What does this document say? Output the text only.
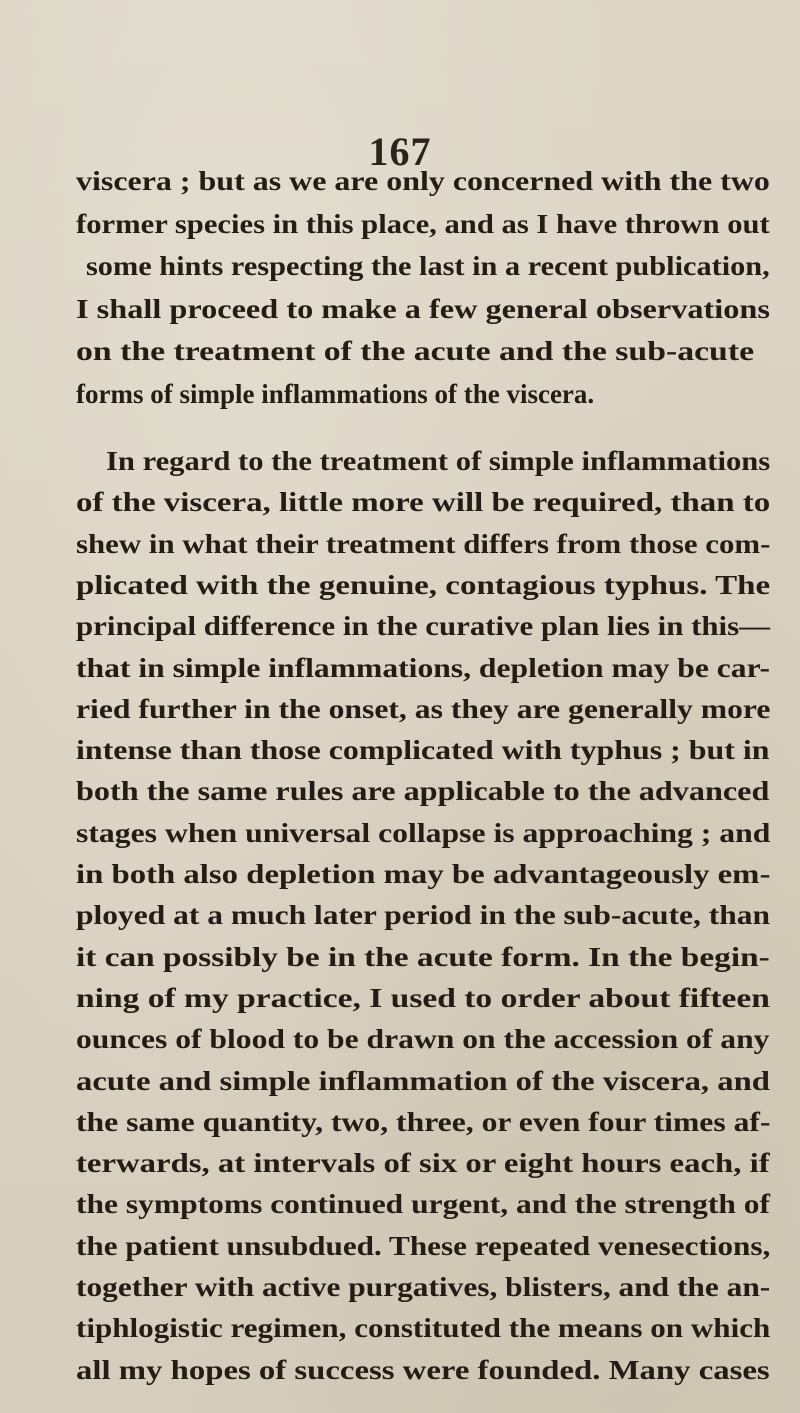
167
viscera ; but as we are only concerned with the two
former species in this place, and as I have thrown out
some hints respecting the last in a recent publication,
I shall proceed to make a few general observations
on the treatment of the acute and the sub-acute
forms of simple inflammations of the viscera.
In regard to the treatment of simple inflammations
of the viscera, little more will be required, than to
shew in what their treatment differs from those com-
plicated with the genuine, contagious typhus. The
principal difference in the curative plan lies in this—
that in simple inflammations, depletion may be car-
ried further in the onset, as they are generally more
intense than those complicated with typhus ; but in
both the same rules are applicable to the advanced
stages when universal collapse is approaching ; and
in both also depletion may be advantageously em-
ployed at a much later period in the sub-acute, than
it can possibly be in the acute form. In the begin-
ning of my practice, I used to order about fifteen
ounces of blood to be drawn on the accession of any
acute and simple inflammation of the viscera, and
the same quantity, two, three, or even four times af-
terwards, at intervals of six or eight hours each, if
the symptoms continued urgent, and the strength of
the patient unsubdued. These repeated venesections,
together with active purgatives, blisters, and the an-
tiphlogistic regimen, constituted the means on which
all my hopes of success were founded. Many cases
